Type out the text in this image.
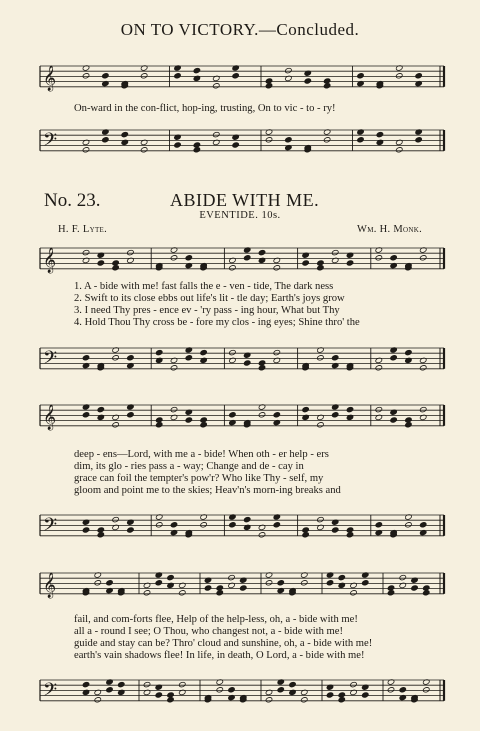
𝄞
𝄢
𝄞
𝄢
𝄞
𝄢
𝄞
𝄢
ON TO VICTORY.—Concluded.
On-ward in the con-flict, hop-ing, trusting, On to vic - to - ry!
No. 23.	ABIDE WITH ME.
EVENTIDE. 10s.
H. F. Lyte.	Wm. H. Monk.
1. A - bide with me! fast falls the e - ven - tide, The dark ness
2. Swift to its close ebbs out life's lit - tle day; Earth's joys grow
3. I need Thy pres - ence ev - 'ry pass - ing hour, What but Thy
4. Hold Thou Thy cross be - fore my clos - ing eyes; Shine thro' the
deep - ens—Lord, with me a - bide! When oth - er help - ers
dim, its glo - ries pass a - way; Change and de - cay in
grace can foil the tempter's pow'r? Who like Thy - self, my
gloom and point me to the skies; Heav'n's morn-ing breaks and
fail, and com-forts flee, Help of the help-less, oh, a - bide with me!
all a - round I see; O Thou, who changest not, a - bide with me!
guide and stay can be? Thro' cloud and sunshine, oh, a - bide with me!
earth's vain shadows flee! In life, in death, O Lord, a - bide with me!
